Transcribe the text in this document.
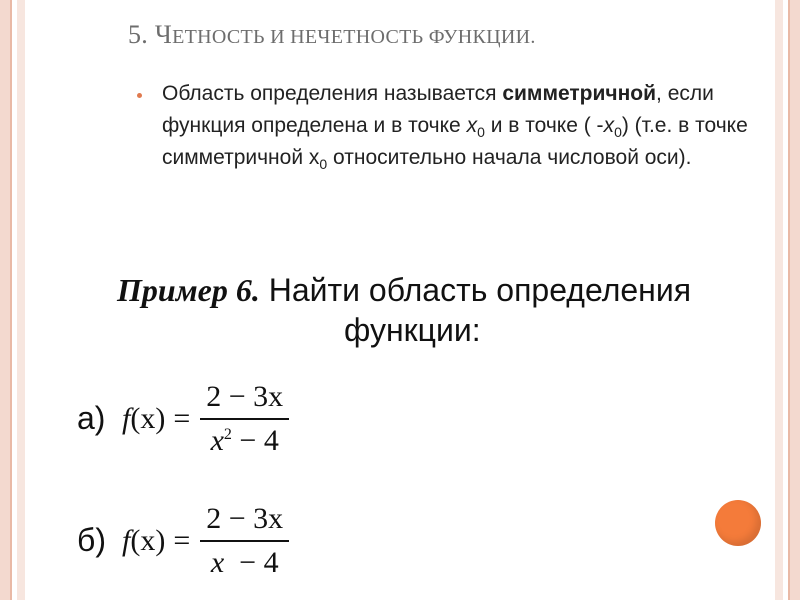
5. ЧЕТНОСТЬ И НЕЧЕТНОСТЬ ФУНКЦИИ.
Область определения называется симметричной, если функция определена и в точке $x_0$ и в точке ( $-x_0$) (т.е. в точке симметричной $x_0$ относительно начала числовой оси).
Пример 6. Найти область определения
функции:
а) $f(x) = \frac{2 - 3x}{x^2 - 4}$
б) $f(x) = \frac{2 - 3x}{x - 4}$
